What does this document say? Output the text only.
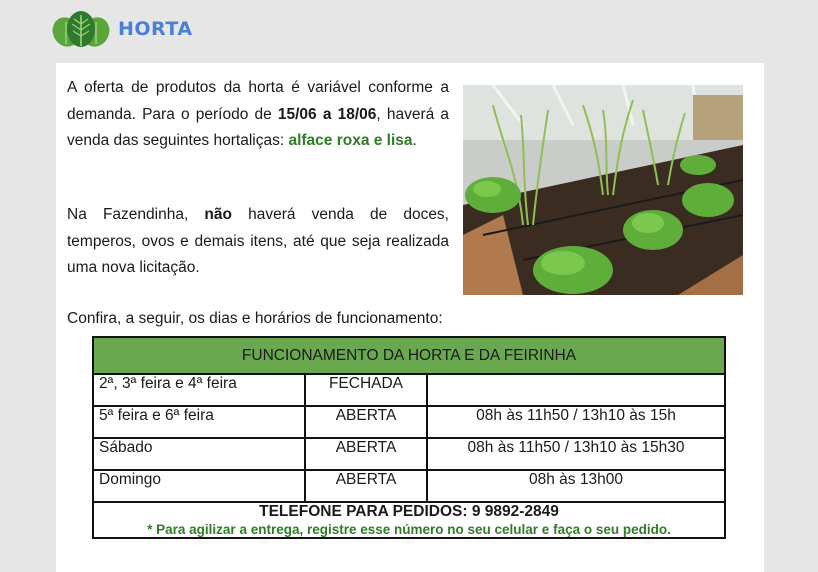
HORTA

A oferta de produtos da horta é variável conforme a demanda. Para o período de 15/06 a 18/06, haverá a venda das seguintes hortaliças: alface roxa e lisa.

Na Fazendinha, não haverá venda de doces, temperos, ovos e demais itens, até que seja realizada uma nova licitação.

Confira, a seguir, os dias e horários de funcionamento:

FUNCIONAMENTO DA HORTA E DA FEIRINHA		
2ª, 3ª feira e 4ª feira	FECHADA	
5ª feira e 6ª feira	ABERTA	08h às 11h50 / 13h10 às 15h
Sábado	ABERTA	08h às 11h50 / 13h10 às 15h30
Domingo	ABERTA	08h às 13h00

TELEFONE PARA PEDIDOS: 9 9892-2849
* Para agilizar a entrega, registre esse número no seu celular e faça o seu pedido.		
